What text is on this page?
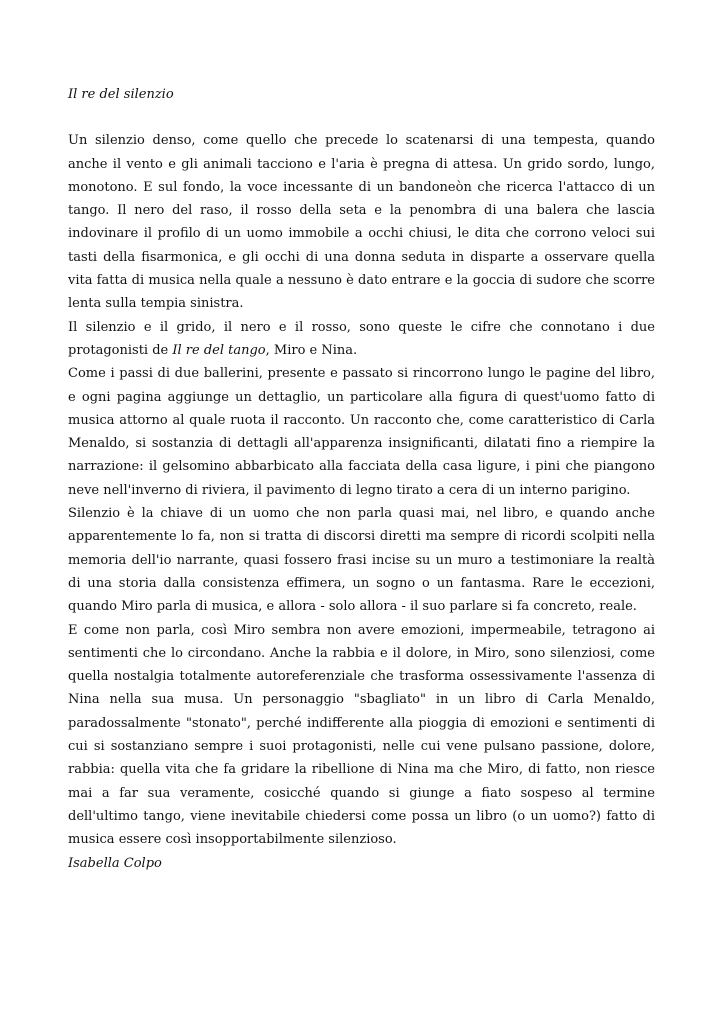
Il re del silenzio

Un silenzio denso, come quello che precede lo scatenarsi di una tempesta, quando anche il vento e gli animali tacciono e l'aria è pregna di attesa. Un grido sordo, lungo, monotono. E sul fondo, la voce incessante di un bandoneòn che ricerca l'attacco di un tango. Il nero del raso, il rosso della seta e la penombra di una balera che lascia indovinare il profilo di un uomo immobile a occhi chiusi, le dita che corrono veloci sui tasti della fisarmonica, e gli occhi di una donna seduta in disparte a osservare quella vita fatta di musica nella quale a nessuno è dato entrare e la goccia di sudore che scorre lenta sulla tempia sinistra.

Il silenzio e il grido, il nero e il rosso, sono queste le cifre che connotano i due protagonisti de Il re del tango, Miro e Nina.

Come i passi di due ballerini, presente e passato si rincorrono lungo le pagine del libro, e ogni pagina aggiunge un dettaglio, un particolare alla figura di quest'uomo fatto di musica attorno al quale ruota il racconto. Un racconto che, come caratteristico di Carla Menaldo, si sostanzia di dettagli all'apparenza insignificanti, dilatati fino a riempire la narrazione: il gelsomino abbarbicato alla facciata della casa ligure, i pini che piangono neve nell'inverno di riviera, il pavimento di legno tirato a cera di un interno parigino.

Silenzio è la chiave di un uomo che non parla quasi mai, nel libro, e quando anche apparentemente lo fa, non si tratta di discorsi diretti ma sempre di ricordi scolpiti nella memoria dell'io narrante, quasi fossero frasi incise su un muro a testimoniare la realtà di una storia dalla consistenza effimera, un sogno o un fantasma. Rare le eccezioni, quando Miro parla di musica, e allora - solo allora - il suo parlare si fa concreto, reale.

E come non parla, così Miro sembra non avere emozioni, impermeabile, tetragono ai sentimenti che lo circondano. Anche la rabbia e il dolore, in Miro, sono silenziosi, come quella nostalgia totalmente autoreferenziale che trasforma ossessivamente l'assenza di Nina nella sua musa. Un personaggio "sbagliato" in un libro di Carla Menaldo, paradossalmente "stonato", perché indifferente alla pioggia di emozioni e sentimenti di cui si sostanziano sempre i suoi protagonisti, nelle cui vene pulsano passione, dolore, rabbia: quella vita che fa gridare la ribellione di Nina ma che Miro, di fatto, non riesce mai a far sua veramente, cosicché quando si giunge a fiato sospeso al termine dell'ultimo tango, viene inevitabile chiedersi come possa un libro (o un uomo?) fatto di musica essere così insopportabilmente silenzioso.

Isabella Colpo
